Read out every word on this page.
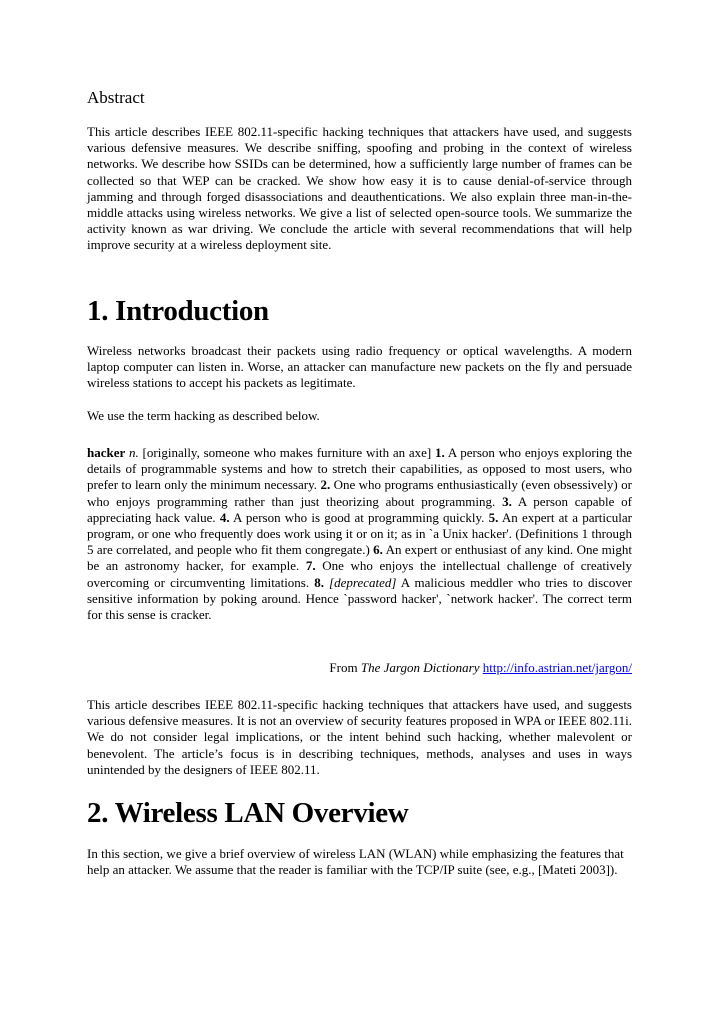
Abstract

This article describes IEEE 802.11-specific hacking techniques that attackers have used, and suggests various defensive measures. We describe sniffing, spoofing and probing in the context of wireless networks. We describe how SSIDs can be determined, how a sufficiently large number of frames can be collected so that WEP can be cracked. We show how easy it is to cause denial-of-service through jamming and through forged disassociations and deauthentications. We also explain three man-in-the-middle attacks using wireless networks. We give a list of selected open-source tools. We summarize the activity known as war driving. We conclude the article with several recommendations that will help improve security at a wireless deployment site.

1. Introduction

Wireless networks broadcast their packets using radio frequency or optical wavelengths. A modern laptop computer can listen in. Worse, an attacker can manufacture new packets on the fly and persuade wireless stations to accept his packets as legitimate.

We use the term hacking as described below.

hacker n. [originally, someone who makes furniture with an axe] 1. A person who enjoys exploring the details of programmable systems and how to stretch their capabilities, as opposed to most users, who prefer to learn only the minimum necessary. 2. One who programs enthusiastically (even obsessively) or who enjoys programming rather than just theorizing about programming. 3. A person capable of appreciating hack value. 4. A person who is good at programming quickly. 5. An expert at a particular program, or one who frequently does work using it or on it; as in `a Unix hacker'. (Definitions 1 through 5 are correlated, and people who fit them congregate.) 6. An expert or enthusiast of any kind. One might be an astronomy hacker, for example. 7. One who enjoys the intellectual challenge of creatively overcoming or circumventing limitations. 8. [deprecated] A malicious meddler who tries to discover sensitive information by poking around. Hence `password hacker', `network hacker'. The correct term for this sense is cracker.

From The Jargon Dictionary http://info.astrian.net/jargon/

This article describes IEEE 802.11-specific hacking techniques that attackers have used, and suggests various defensive measures. It is not an overview of security features proposed in WPA or IEEE 802.11i. We do not consider legal implications, or the intent behind such hacking, whether malevolent or benevolent. The article’s focus is in describing techniques, methods, analyses and uses in ways unintended by the designers of IEEE 802.11.

2. Wireless LAN Overview

In this section, we give a brief overview of wireless LAN (WLAN) while emphasizing the features that help an attacker. We assume that the reader is familiar with the TCP/IP suite (see, e.g., [Mateti 2003]).
